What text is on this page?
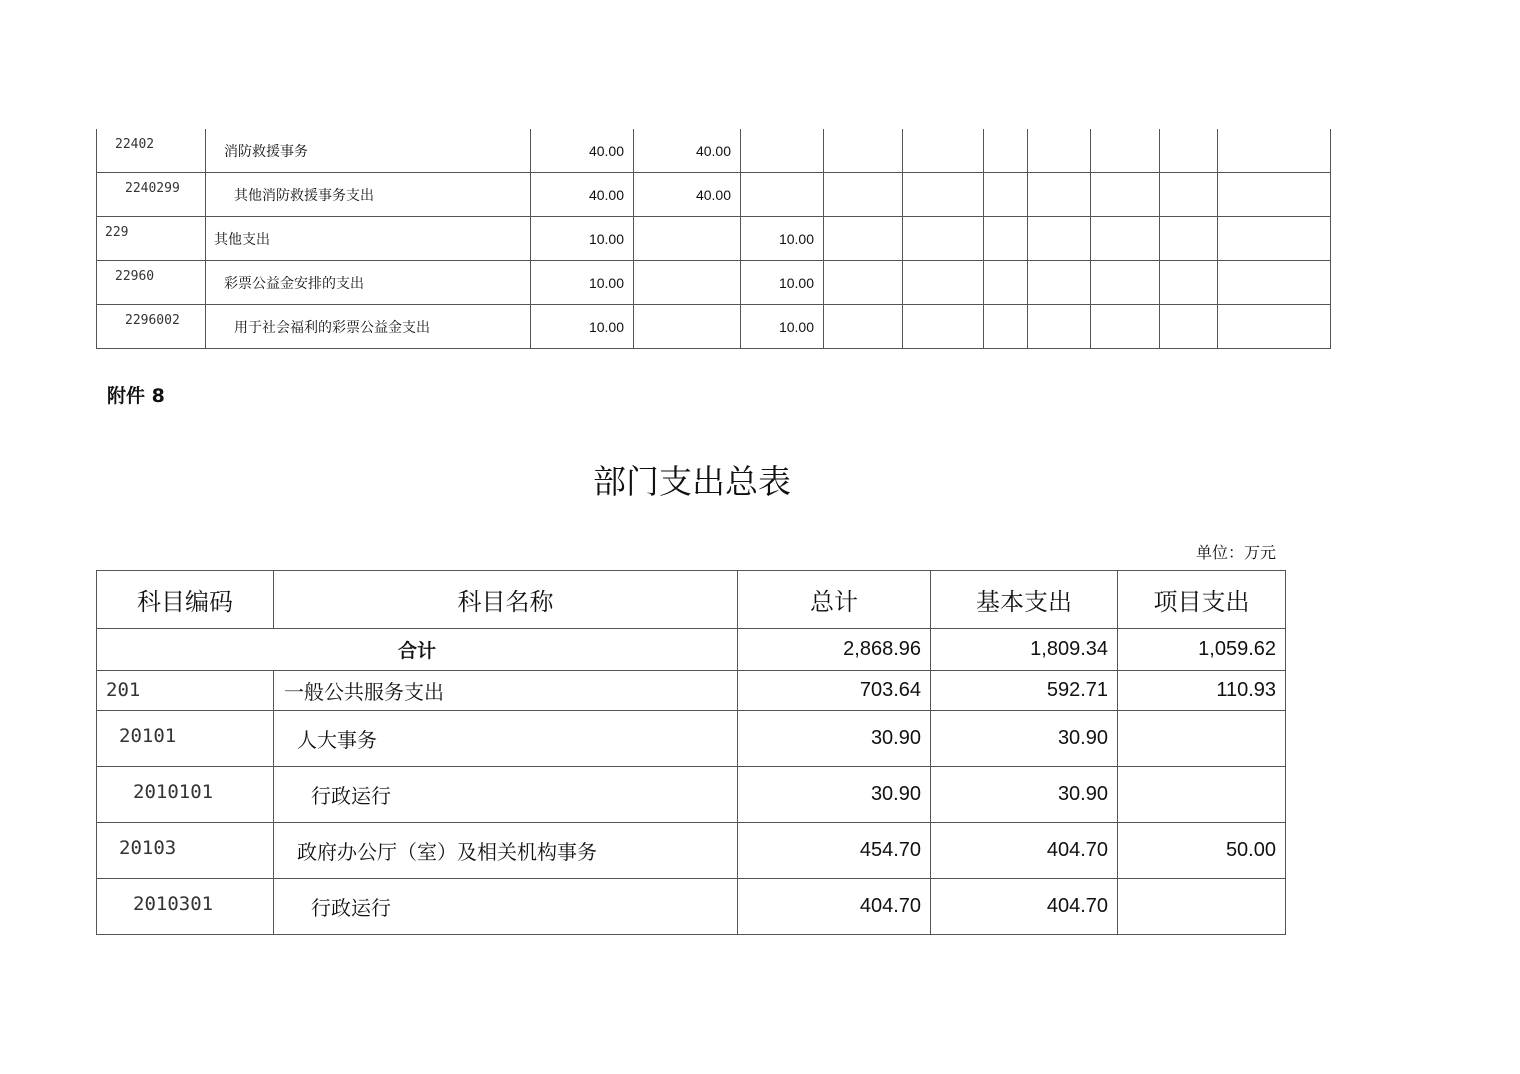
22402	消防救援事务	40.00	40.00								
2240299	其他消防救援事务支出	40.00	40.00								
229	其他支出	10.00		10.00							
22960	彩票公益金安排的支出	10.00		10.00							
2296002	用于社会福利的彩票公益金支出	10.00		10.00							
附件 8
部门支出总表
单位：万元
科目编码	科目名称	总计	基本支出	项目支出
合计		2,868.96	1,809.34	1,059.62
201	一般公共服务支出	703.64	592.71	110.93
20101	人大事务	30.90	30.90	
2010101	行政运行	30.90	30.90	
20103	政府办公厅（室）及相关机构事务	454.70	404.70	50.00
2010301	行政运行	404.70	404.70	
